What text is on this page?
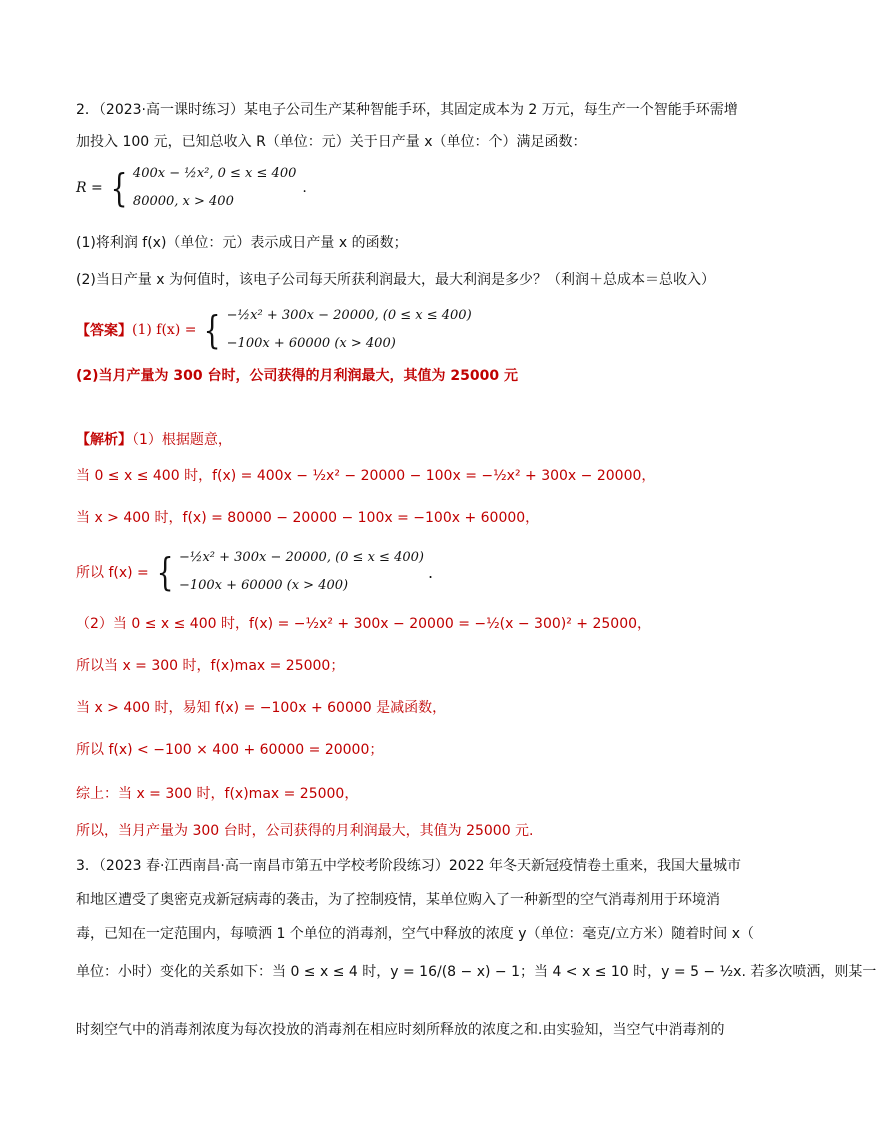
2．（2023·高一课时练习）某电子公司生产某种智能手环，其固定成本为 2 万元，每生产一个智能手环需增
加投入 100 元，已知总收入 R（单位：元）关于日产量 x（单位：个）满足函数：
R = { 400x − ½x², 0 ≤ x ≤ 400
80000, x > 400
.
(1)将利润 f(x)（单位：元）表示成日产量 x 的函数；
(2)当日产量 x 为何值时，该电子公司每天所获利润最大，最大利润是多少？（利润＋总成本＝总收入）
【答案】 (1) f(x) = { −½x² + 300x − 20000, (0 ≤ x ≤ 400)
−100x + 60000 (x > 400)
(2)当月产量为 300 台时，公司获得的月利润最大，其值为 25000 元
【解析】（1）根据题意，
当 0 ≤ x ≤ 400 时，f(x) = 400x − ½x² − 20000 − 100x = −½x² + 300x − 20000，
当 x > 400 时，f(x) = 80000 − 20000 − 100x = −100x + 60000，
所以 f(x) = { −½x² + 300x − 20000, (0 ≤ x ≤ 400)
−100x + 60000 (x > 400)
.
（2）当 0 ≤ x ≤ 400 时，f(x) = −½x² + 300x − 20000 = −½(x − 300)² + 25000，
所以当 x = 300 时，f(x)max = 25000；
当 x > 400 时，易知 f(x) = −100x + 60000 是减函数，
所以 f(x) < −100 × 400 + 60000 = 20000；
综上：当 x = 300 时，f(x)max = 25000，
所以，当月产量为 300 台时，公司获得的月利润最大，其值为 25000 元.
3．（2023 春·江西南昌·高一南昌市第五中学校考阶段练习）2022 年冬天新冠疫情卷土重来，我国大量城市
和地区遭受了奥密克戎新冠病毒的袭击，为了控制疫情，某单位购入了一种新型的空气消毒剂用于环境消
毒，已知在一定范围内，每喷洒 1 个单位的消毒剂，空气中释放的浓度 y（单位：毫克/立方米）随着时间 x（
单位：小时）变化的关系如下：当 0 ≤ x ≤ 4 时，y = 16/(8 − x) − 1；当 4 < x ≤ 10 时，y = 5 − ½x. 若多次喷洒，则某一
时刻空气中的消毒剂浓度为每次投放的消毒剂在相应时刻所释放的浓度之和.由实验知，当空气中消毒剂的
